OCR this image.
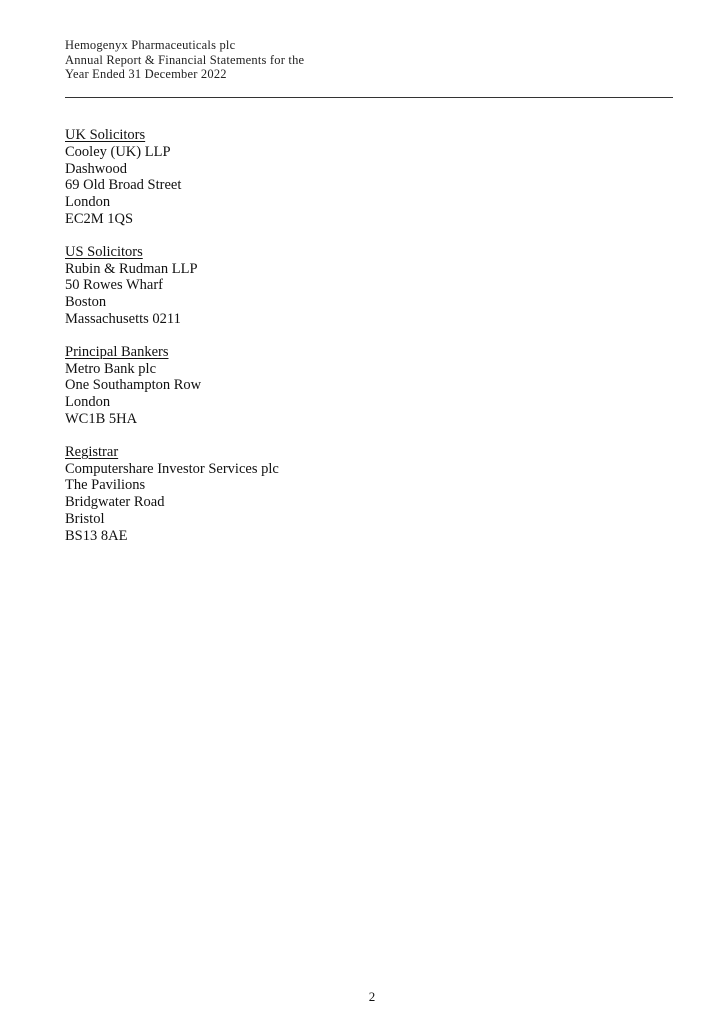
Hemogenyx Pharmaceuticals plc
Annual Report & Financial Statements for the
Year Ended 31 December 2022
UK Solicitors
Cooley (UK) LLP
Dashwood
69 Old Broad Street
London
EC2M 1QS
US Solicitors
Rubin & Rudman LLP
50 Rowes Wharf
Boston
Massachusetts 0211
Principal Bankers
Metro Bank plc
One Southampton Row
London
WC1B 5HA
Registrar
Computershare Investor Services plc
The Pavilions
Bridgwater Road
Bristol
BS13 8AE
2
